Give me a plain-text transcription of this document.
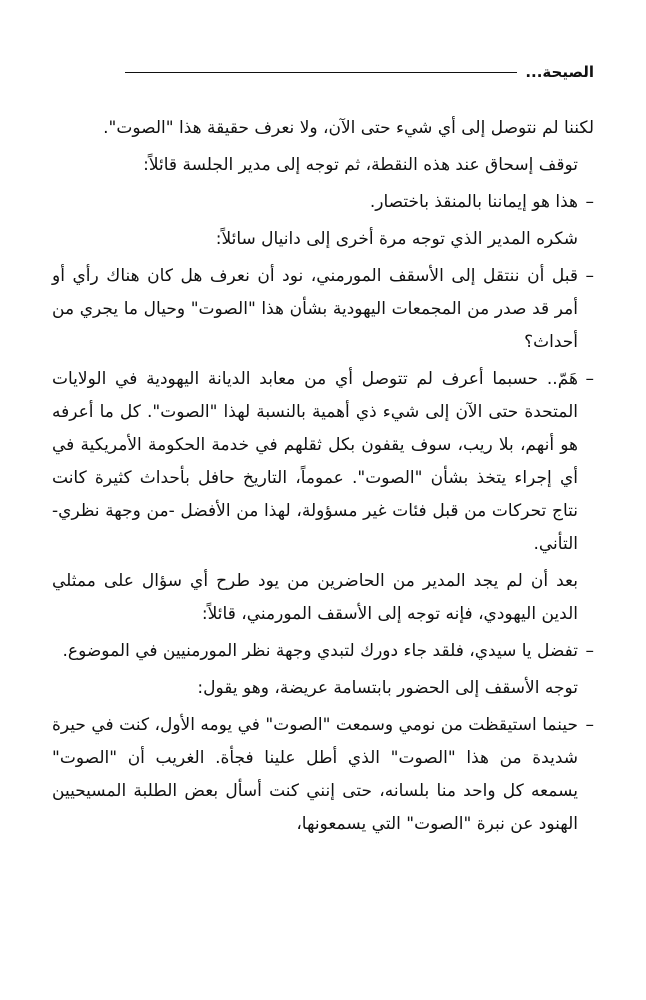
الصيحة...

لكننا لم نتوصل إلى أي شيء حتى الآن، ولا نعرف حقيقة هذا "الصوت".

توقف إسحاق عند هذه النقطة، ثم توجه إلى مدير الجلسة قائلاً:

–
هذا هو إيماننا بالمنقذ باختصار.

شكره المدير الذي توجه مرة أخرى إلى دانيال سائلاً:

–
قبل أن ننتقل إلى الأسقف المورمني، نود أن نعرف هل كان هناك رأي أو أمر قد صدر من المجمعات اليهودية بشأن هذا "الصوت" وحيال ما يجري من أحداث؟

–
هَمّ.. حسبما أعرف لم تتوصل أي من معابد الديانة اليهودية في الولايات المتحدة حتى الآن إلى شيء ذي أهمية بالنسبة لهذا "الصوت". كل ما أعرفه هو أنهم، بلا ريب، سوف يقفون بكل ثقلهم في خدمة الحكومة الأمريكية في أي إجراء يتخذ بشأن "الصوت". عموماً، التاريخ حافل بأحداث كثيرة كانت نتاج تحركات من قبل فئات غير مسؤولة، لهذا من الأفضل -من وجهة نظري- التأني.

بعد أن لم يجد المدير من الحاضرين من يود طرح أي سؤال على ممثلي الدين اليهودي، فإنه توجه إلى الأسقف المورمني، قائلاً:

–
تفضل يا سيدي، فلقد جاء دورك لتبدي وجهة نظر المورمنيين في الموضوع.

توجه الأسقف إلى الحضور بابتسامة عريضة، وهو يقول:

–
حينما استيقظت من نومي وسمعت "الصوت" في يومه الأول، كنت في حيرة شديدة من هذا "الصوت" الذي أطل علينا فجأة. الغريب أن "الصوت" يسمعه كل واحد منا بلسانه، حتى إنني كنت أسأل بعض الطلبة المسيحيين الهنود عن نبرة "الصوت" التي يسمعونها،
